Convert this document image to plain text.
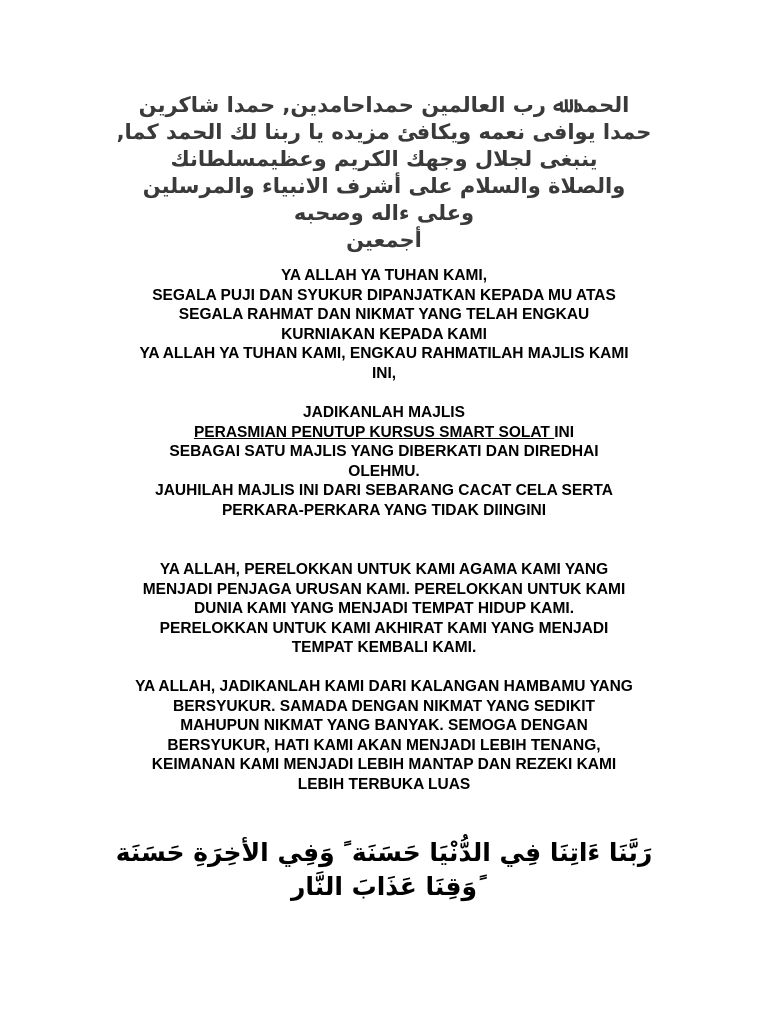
الحمد ﷲ رب العالمين حمداحامدين, حمدا شاكرين
حمدا يوافى نعمه ويكافئ مزيده يا ربنا لك الحمد كما,
ينبغى لجلال وجهك الكريم وعظيمسلطانك
والصلاة والسلام على أشرف الانبياء والمرسلين
وعلى ءاله وصحبه
أجمعين
YA ALLAH YA TUHAN KAMI,
SEGALA PUJI DAN SYUKUR DIPANJATKAN KEPADA MU ATAS
SEGALA RAHMAT DAN NIKMAT YANG TELAH ENGKAU
KURNIAKAN KEPADA KAMI
YA ALLAH YA TUHAN KAMI, ENGKAU RAHMATILAH MAJLIS KAMI
INI,
JADIKANLAH MAJLIS
PERASMIAN PENUTUP KURSUS SMART SOLAT INI
SEBAGAI SATU MAJLIS YANG DIBERKATI DAN DIREDHAI
OLEHMU.
JAUHILAH MAJLIS INI DARI SEBARANG CACAT CELA SERTA
PERKARA-PERKARA YANG TIDAK DIINGINI
YA ALLAH, PERELOKKAN UNTUK KAMI AGAMA KAMI YANG
MENJADI PENJAGA URUSAN KAMI. PERELOKKAN UNTUK KAMI
DUNIA KAMI YANG MENJADI TEMPAT HIDUP KAMI.
PERELOKKAN UNTUK KAMI AKHIRAT KAMI YANG MENJADI
TEMPAT KEMBALI KAMI.
YA ALLAH, JADIKANLAH KAMI DARI KALANGAN HAMBAMU YANG
BERSYUKUR. SAMADA DENGAN NIKMAT YANG SEDIKIT
MAHUPUN NIKMAT YANG BANYAK. SEMOGA DENGAN
BERSYUKUR, HATI KAMI AKAN MENJADI LEBIH TENANG,
KEIMANAN KAMI MENJADI LEBIH MANTAP DAN REZEKI KAMI
LEBIH TERBUKA LUAS
رَبَّنَا ءَاتِنَا فِي الدُّنْيَا حَسَنَة ً وَفِي الأخِرَةِ حَسَنَة
ًوَقِنَا عَذَابَ النَّار
